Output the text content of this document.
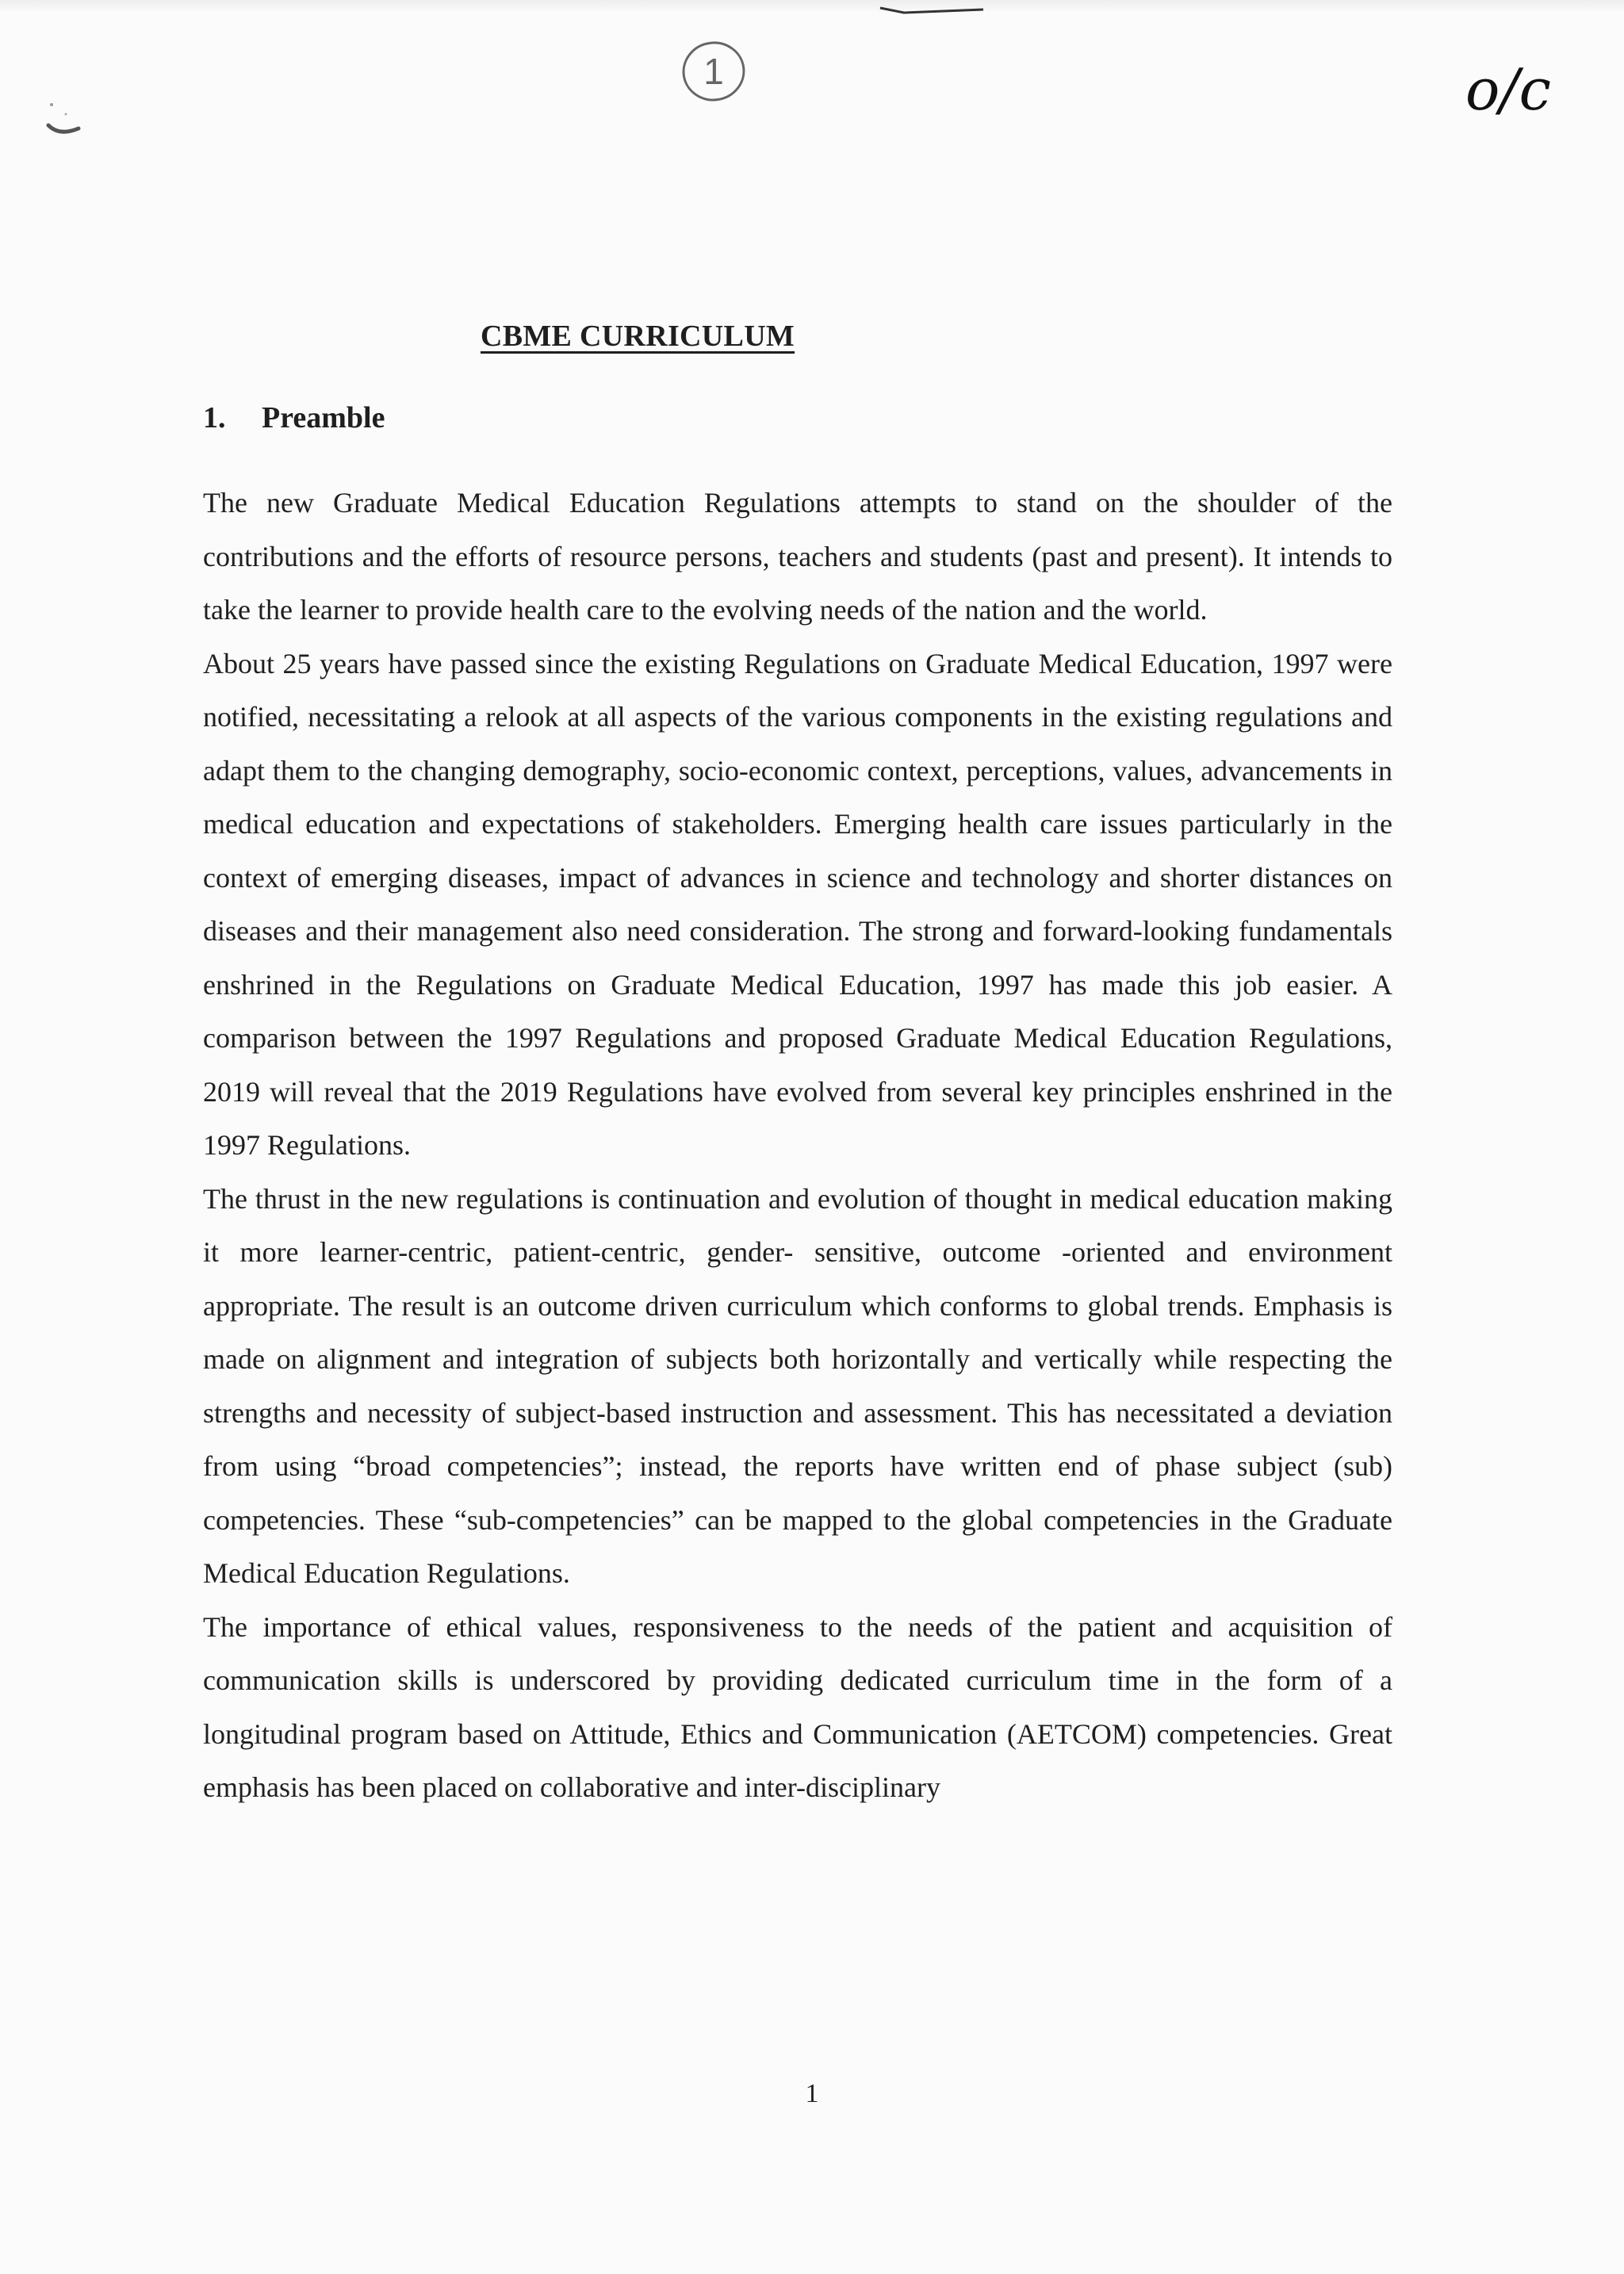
1	o/c
CBME CURRICULUM
1. Preamble

The new Graduate Medical Education Regulations attempts to stand on the shoulder of the contributions and the efforts of resource persons, teachers and students (past and present). It intends to take the learner to provide health care to the evolving needs of the nation and the world.

About 25 years have passed since the existing Regulations on Graduate Medical Education, 1997 were notified, necessitating a relook at all aspects of the various components in the existing regulations and adapt them to the changing demography, socio-economic context, perceptions, values, advancements in medical education and expectations of stakeholders. Emerging health care issues particularly in the context of emerging diseases, impact of advances in science and technology and shorter distances on diseases and their management also need consideration. The strong and forward-looking fundamentals enshrined in the Regulations on Graduate Medical Education, 1997 has made this job easier. A comparison between the 1997 Regulations and proposed Graduate Medical Education Regulations, 2019 will reveal that the 2019 Regulations have evolved from several key principles enshrined in the 1997 Regulations.

The thrust in the new regulations is continuation and evolution of thought in medical education making it more learner-centric, patient-centric, gender- sensitive, outcome -oriented and environment appropriate. The result is an outcome driven curriculum which conforms to global trends. Emphasis is made on alignment and integration of subjects both horizontally and vertically while respecting the strengths and necessity of subject-based instruction and assessment. This has necessitated a deviation from using “broad competencies”; instead, the reports have written end of phase subject (sub) competencies. These “sub-competencies” can be mapped to the global competencies in the Graduate Medical Education Regulations.

The importance of ethical values, responsiveness to the needs of the patient and acquisition of communication skills is underscored by providing dedicated curriculum time in the form of a longitudinal program based on Attitude, Ethics and Communication (AETCOM) competencies. Great emphasis has been placed on collaborative and inter-disciplinary

1
